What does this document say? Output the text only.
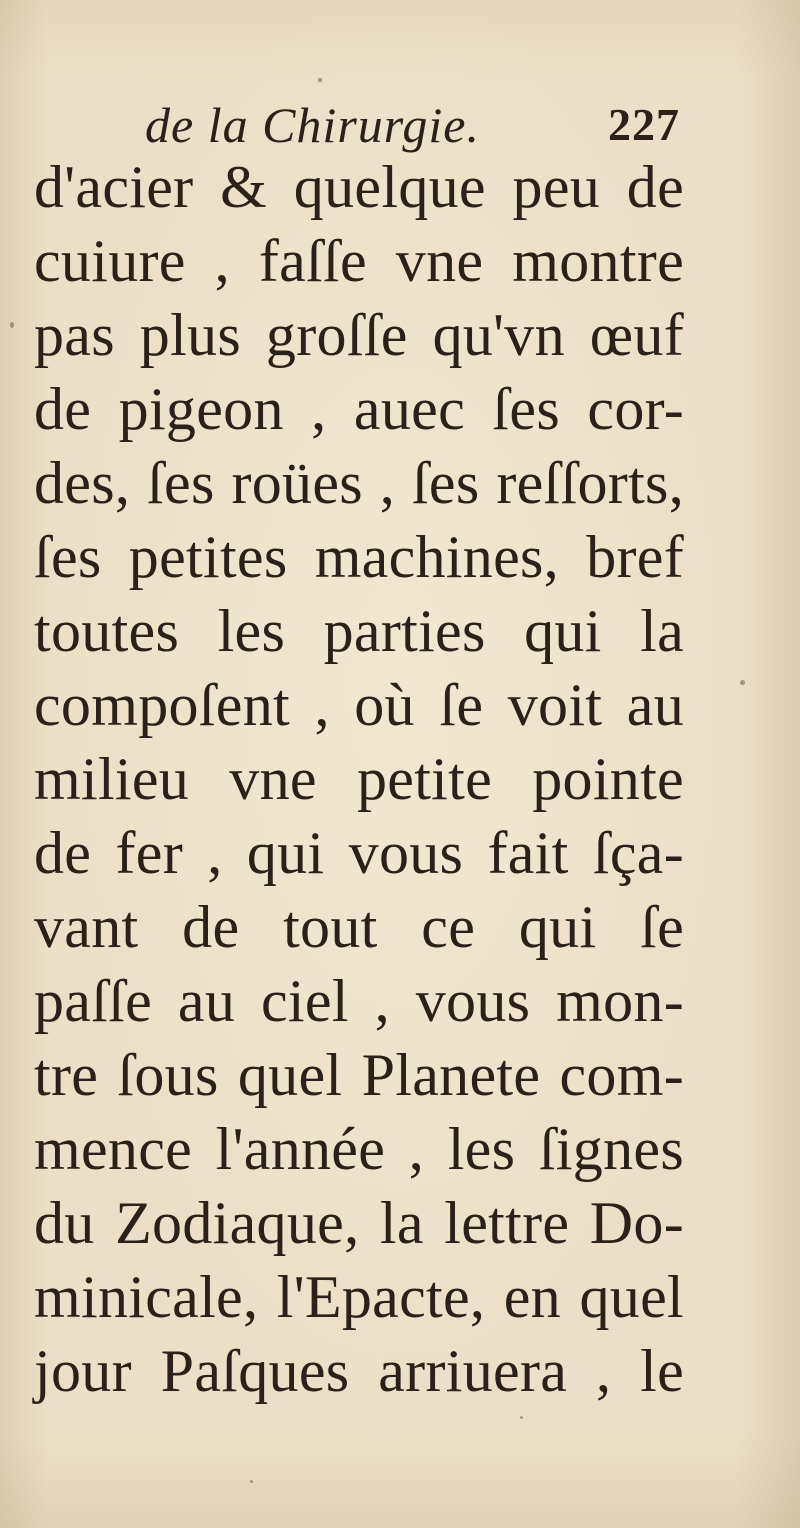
de la Chirurgie.	227
d'acier & quelque peu de
cuiure , faſſe vne montre
pas plus groſſe qu'vn œuf
de pigeon , auec ſes cor-
des, ſes roües , ſes reſſorts,
ſes petites machines, bref
toutes les parties qui la
compoſent , où ſe voit au
milieu vne petite pointe
de fer , qui vous fait ſça-
vant de tout ce qui ſe
paſſe au ciel , vous mon-
tre ſous quel Planete com-
mence l'année , les ſignes
du Zodiaque, la lettre Do-
minicale, l'Epacte, en quel
jour Paſques arriuera , le
